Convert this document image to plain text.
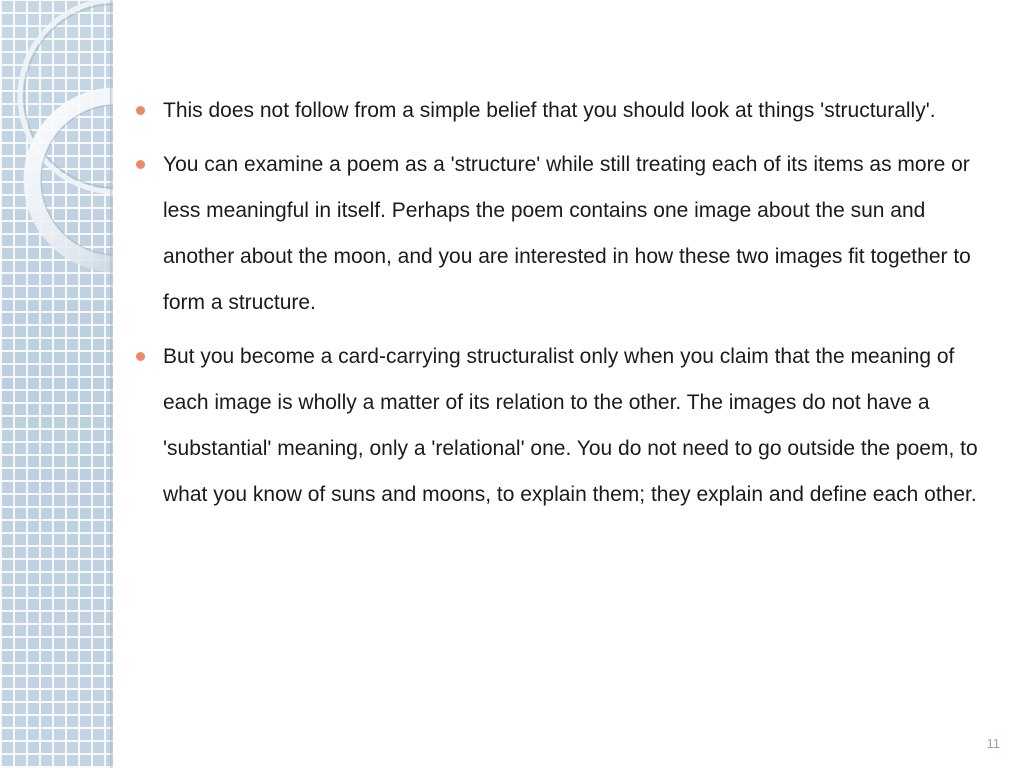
This does not follow from a simple belief that you should look at things 'structurally'.
You can examine a poem as a 'structure' while still treating each of its items as more or less meaningful in itself. Perhaps the poem contains one image about the sun and another about the moon, and you are interested in how these two images fit together to form a structure.
But you become a card-carrying structuralist only when you claim that the meaning of each image is wholly a matter of its relation to the other. The images do not have a 'substantial' meaning, only a 'relational' one. You do not need to go outside the poem, to what you know of suns and moons, to explain them; they explain and define each other.
11
